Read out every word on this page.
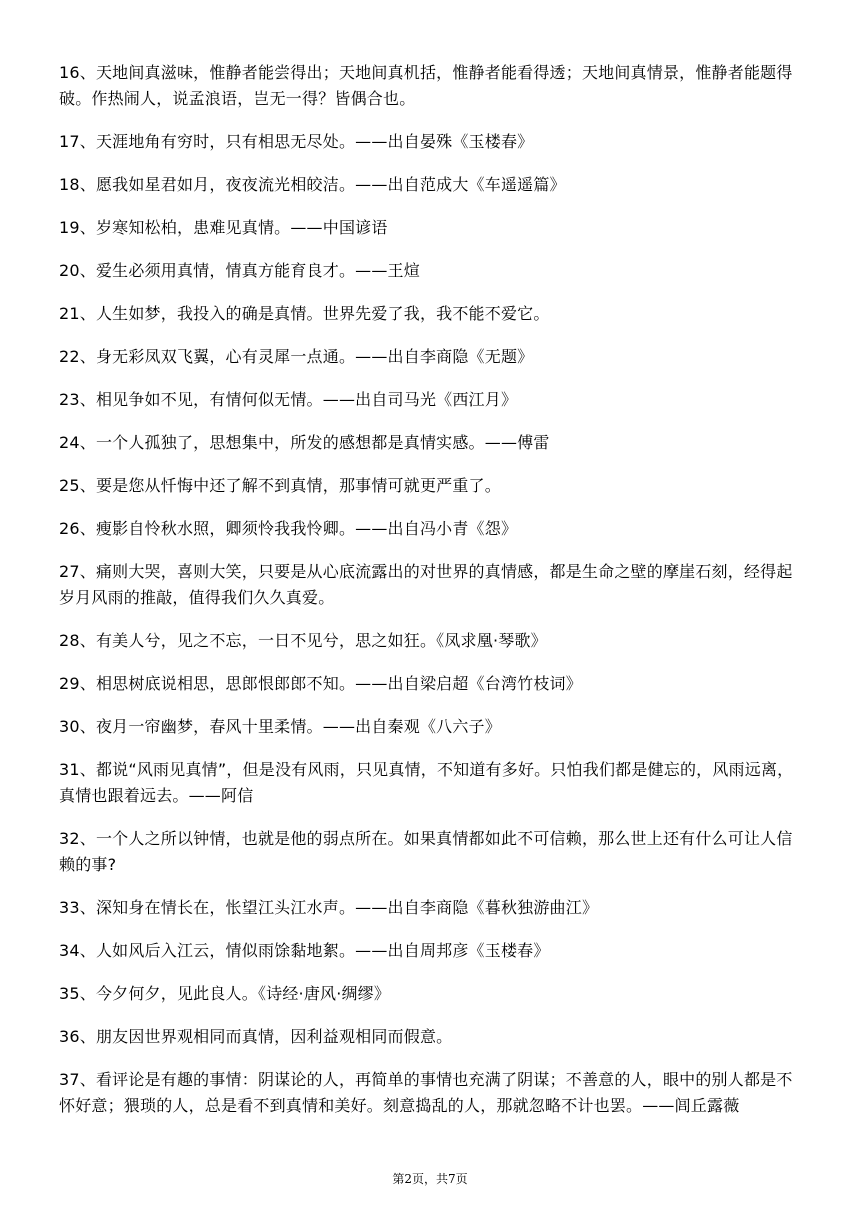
16、天地间真滋味，惟静者能尝得出；天地间真机括，惟静者能看得透；天地间真情景，惟静者能题得破。作热闹人，说孟浪语，岂无一得？皆偶合也。

17、天涯地角有穷时，只有相思无尽处。——出自晏殊《玉楼春》

18、愿我如星君如月，夜夜流光相皎洁。——出自范成大《车遥遥篇》

19、岁寒知松柏，患难见真情。——中国谚语

20、爱生必须用真情，情真方能育良才。——王煊

21、人生如梦，我投入的确是真情。世界先爱了我，我不能不爱它。

22、身无彩凤双飞翼，心有灵犀一点通。——出自李商隐《无题》

23、相见争如不见，有情何似无情。——出自司马光《西江月》

24、一个人孤独了，思想集中，所发的感想都是真情实感。——傅雷

25、要是您从忏悔中还了解不到真情，那事情可就更严重了。

26、瘦影自怜秋水照，卿须怜我我怜卿。——出自冯小青《怨》

27、痛则大哭，喜则大笑，只要是从心底流露出的对世界的真情感，都是生命之壁的摩崖石刻，经得起岁月风雨的推敲，值得我们久久真爱。

28、有美人兮，见之不忘，一日不见兮，思之如狂。《凤求凰·琴歌》

29、相思树底说相思，思郎恨郎郎不知。——出自梁启超《台湾竹枝词》

30、夜月一帘幽梦，春风十里柔情。——出自秦观《八六子》

31、都说“风雨见真情”，但是没有风雨，只见真情，不知道有多好。只怕我们都是健忘的，风雨远离，真情也跟着远去。——阿信

32、一个人之所以钟情，也就是他的弱点所在。如果真情都如此不可信赖，那么世上还有什么可让人信赖的事?

33、深知身在情长在，怅望江头江水声。——出自李商隐《暮秋独游曲江》

34、人如风后入江云，情似雨馀黏地絮。——出自周邦彦《玉楼春》

35、今夕何夕，见此良人。《诗经·唐风·绸缪》

36、朋友因世界观相同而真情，因利益观相同而假意。

37、看评论是有趣的事情：阴谋论的人，再简单的事情也充满了阴谋；不善意的人，眼中的别人都是不怀好意；猥琐的人，总是看不到真情和美好。刻意捣乱的人，那就忽略不计也罢。——闾丘露薇

第2页，共7页
